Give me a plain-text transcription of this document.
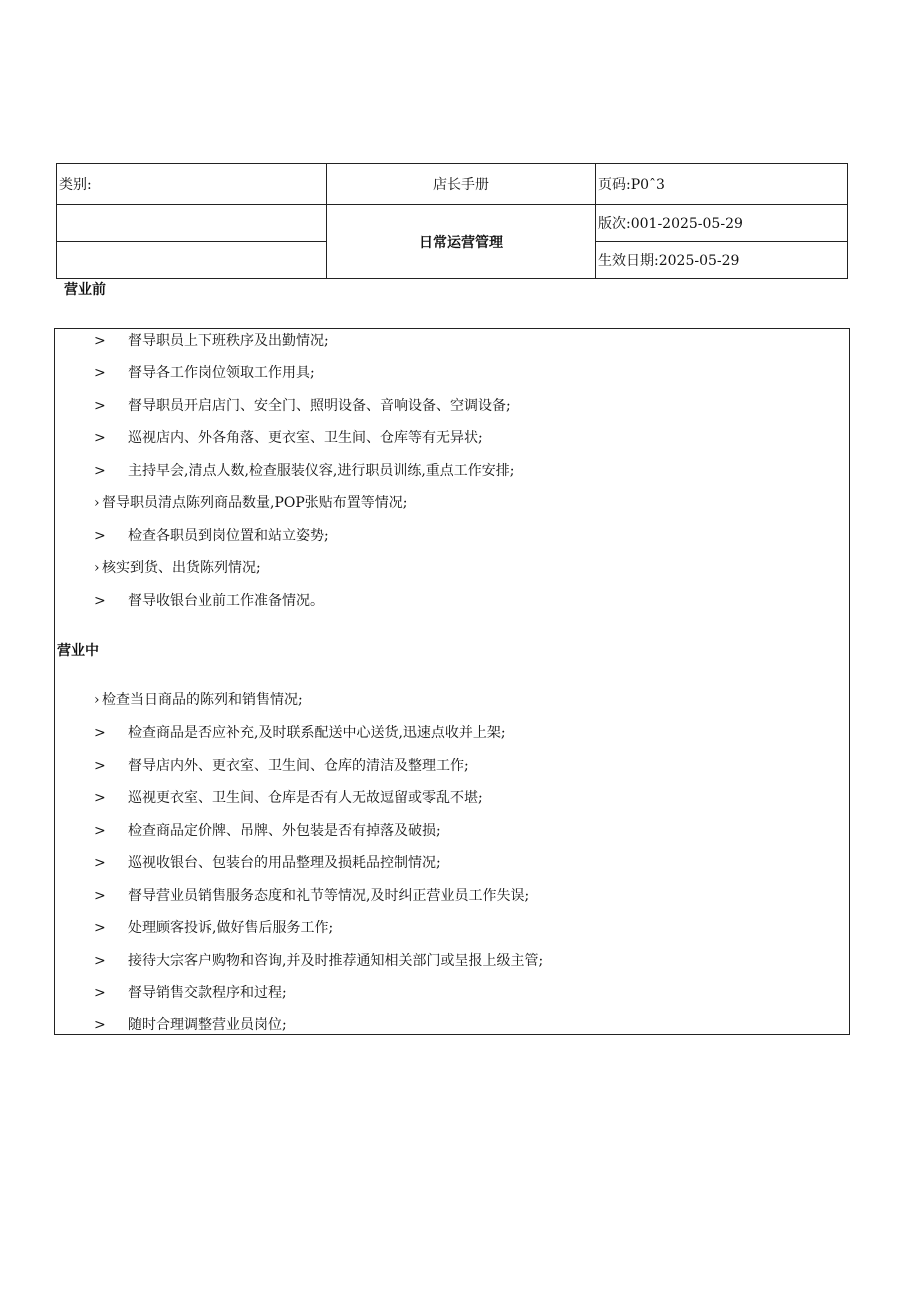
类别:	店长手册	页码:P0ˆ3
	日常运营管理	版次:001-2025-05-29
		生效日期:2025-05-29
营业前
> 督导职员上下班秩序及出勤情况;
> 督导各工作岗位领取工作用具;
> 督导职员开启店门、安全门、照明设备、音响设备、空调设备;
> 巡视店内、外各角落、更衣室、卫生间、仓库等有无异状;
> 主持早会,清点人数,检查服装仪容,进行职员训练,重点工作安排;
› 督导职员清点陈列商品数量,POP张贴布置等情况;
> 检查各职员到岗位置和站立姿势;
› 核实到货、出货陈列情况;
> 督导收银台业前工作准备情况。
营业中
› 检查当日商品的陈列和销售情况;
> 检查商品是否应补充,及时联系配送中心送货,迅速点收并上架;
> 督导店内外、更衣室、卫生间、仓库的清洁及整理工作;
> 巡视更衣室、卫生间、仓库是否有人无故逗留或零乱不堪;
> 检查商品定价牌、吊牌、外包装是否有掉落及破损;
> 巡视收银台、包装台的用品整理及损耗品控制情况;
> 督导营业员销售服务态度和礼节等情况,及时纠正营业员工作失误;
> 处理顾客投诉,做好售后服务工作;
> 接待大宗客户购物和咨询,并及时推荐通知相关部门或呈报上级主管;
> 督导销售交款程序和过程;
> 随时合理调整营业员岗位;
